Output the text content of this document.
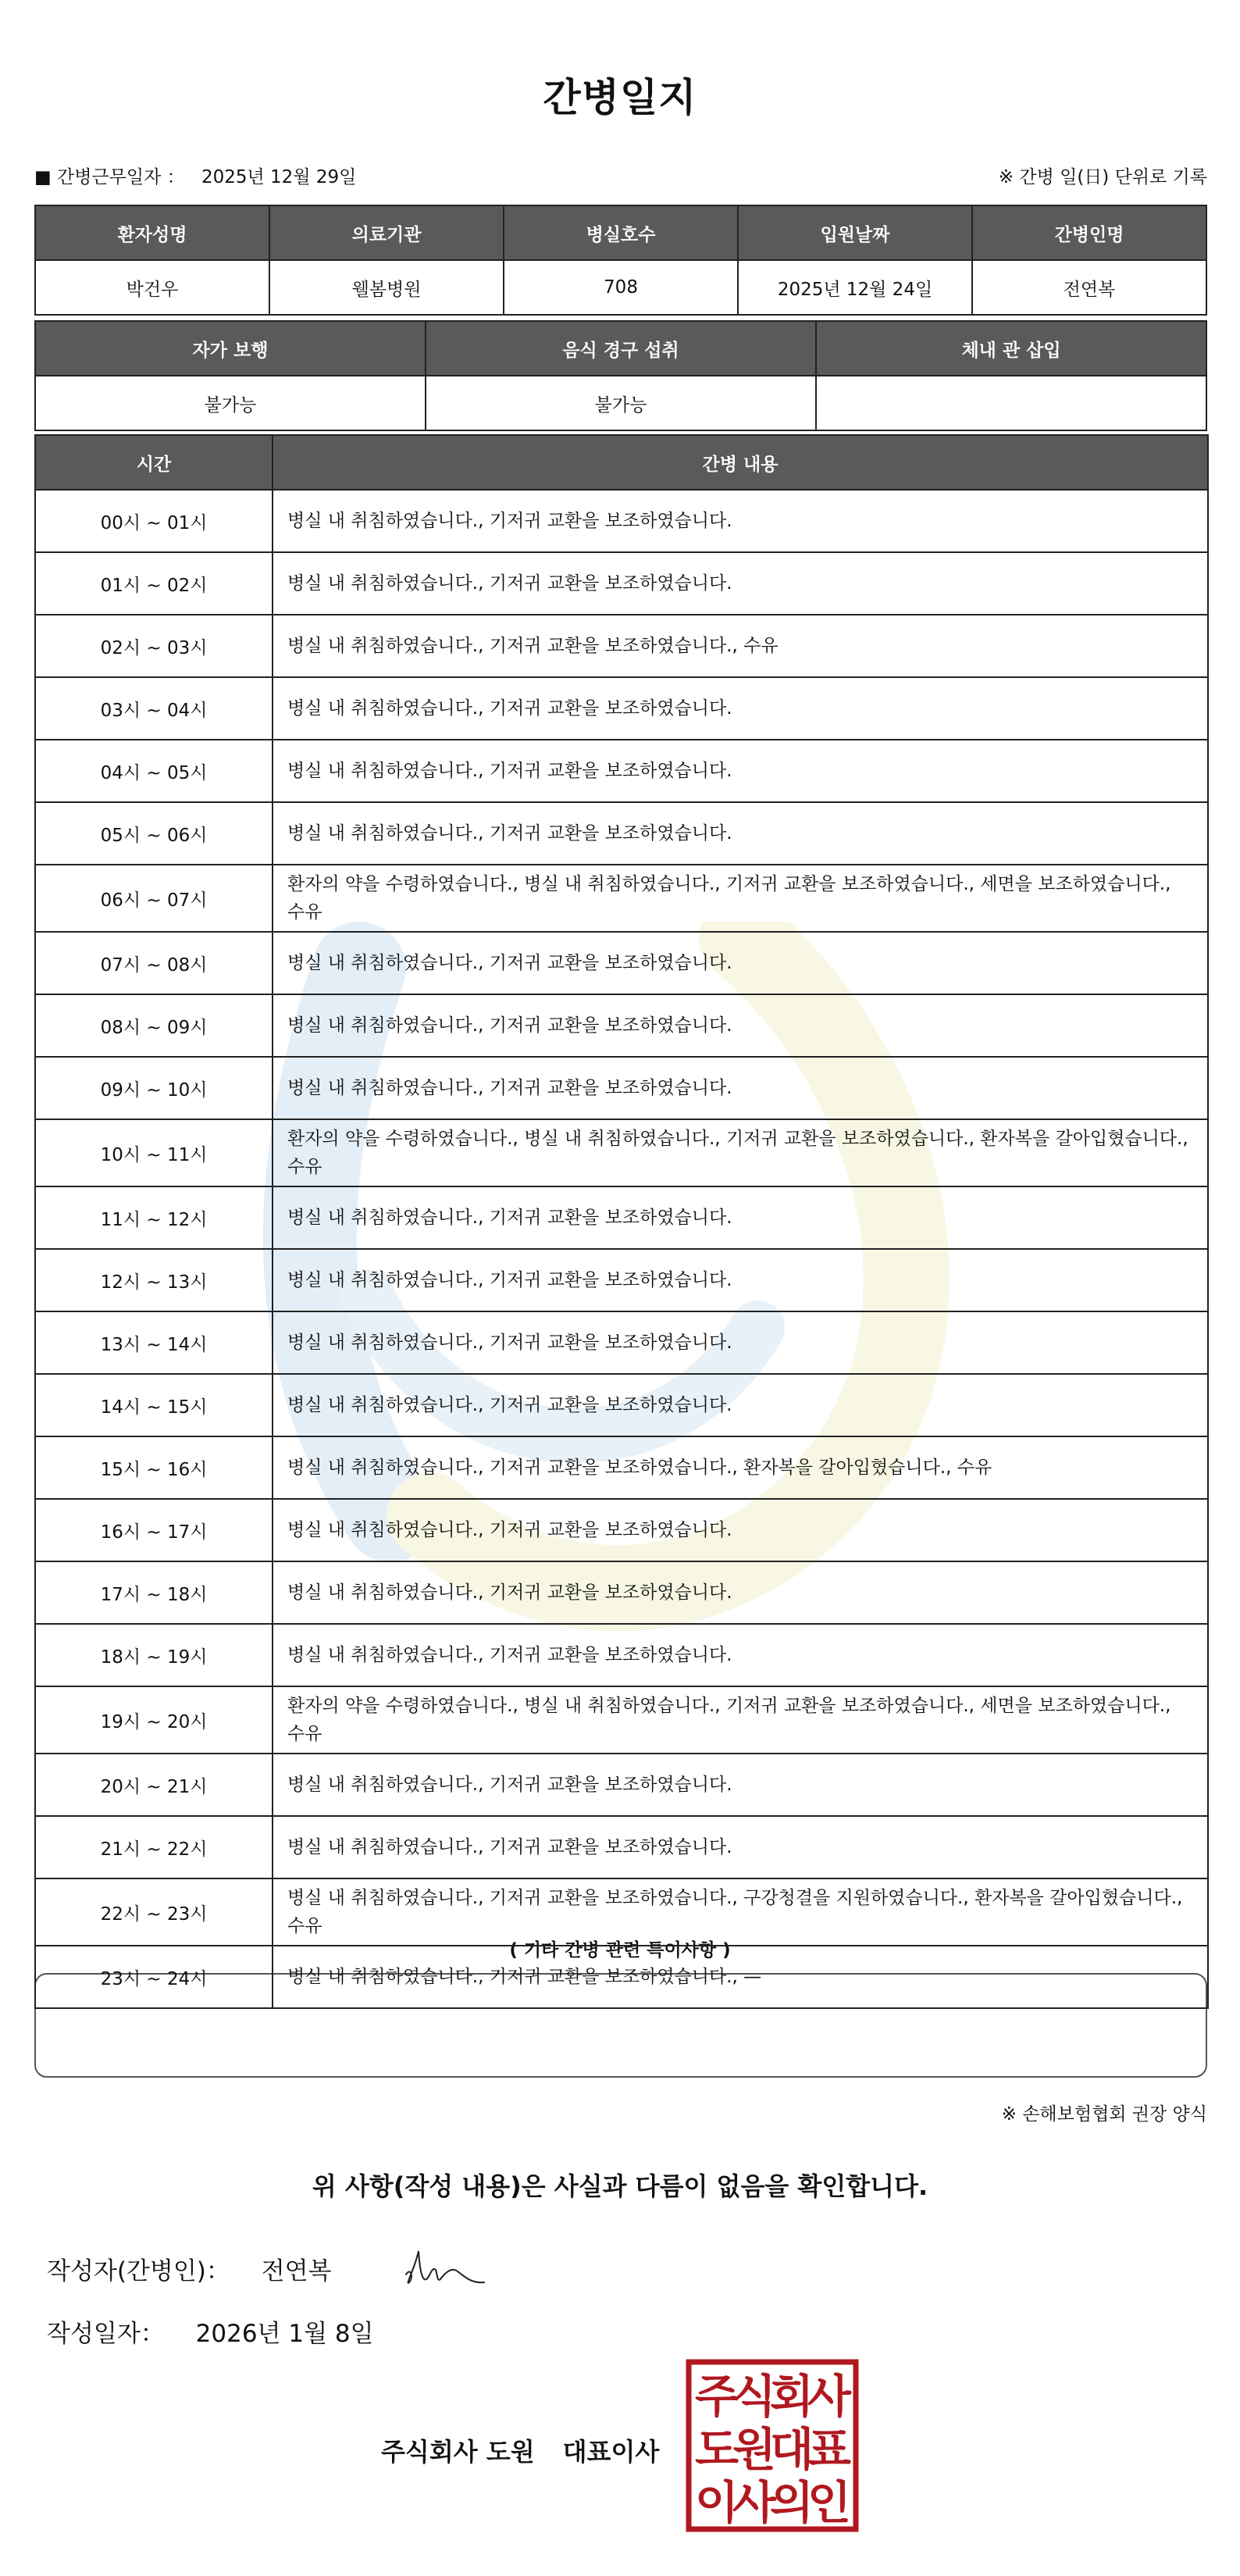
간병일지
■ 간병근무일자 ： 2025년 12월 29일	※ 간병 일(日) 단위로 기록
환자성명	의료기관	병실호수	입원날짜	간병인명
박건우	웰봄병원	708	2025년 12월 24일	전연복
자가 보행	음식 경구 섭취	체내 관 삽입
불가능	불가능	
시간	간병 내용
00시 ~ 01시	병실 내 취침하였습니다., 기저귀 교환을 보조하였습니다.
01시 ~ 02시	병실 내 취침하였습니다., 기저귀 교환을 보조하였습니다.
02시 ~ 03시	병실 내 취침하였습니다., 기저귀 교환을 보조하였습니다., 수유
03시 ~ 04시	병실 내 취침하였습니다., 기저귀 교환을 보조하였습니다.
04시 ~ 05시	병실 내 취침하였습니다., 기저귀 교환을 보조하였습니다.
05시 ~ 06시	병실 내 취침하였습니다., 기저귀 교환을 보조하였습니다.
06시 ~ 07시	환자의 약을 수령하였습니다., 병실 내 취침하였습니다., 기저귀 교환을 보조하였습니다., 세면을 보조하였습니다., 수유
07시 ~ 08시	병실 내 취침하였습니다., 기저귀 교환을 보조하였습니다.
08시 ~ 09시	병실 내 취침하였습니다., 기저귀 교환을 보조하였습니다.
09시 ~ 10시	병실 내 취침하였습니다., 기저귀 교환을 보조하였습니다.
10시 ~ 11시	환자의 약을 수령하였습니다., 병실 내 취침하였습니다., 기저귀 교환을 보조하였습니다., 환자복을 갈아입혔습니다., 수유
11시 ~ 12시	병실 내 취침하였습니다., 기저귀 교환을 보조하였습니다.
12시 ~ 13시	병실 내 취침하였습니다., 기저귀 교환을 보조하였습니다.
13시 ~ 14시	병실 내 취침하였습니다., 기저귀 교환을 보조하였습니다.
14시 ~ 15시	병실 내 취침하였습니다., 기저귀 교환을 보조하였습니다.
15시 ~ 16시	병실 내 취침하였습니다., 기저귀 교환을 보조하였습니다., 환자복을 갈아입혔습니다., 수유
16시 ~ 17시	병실 내 취침하였습니다., 기저귀 교환을 보조하였습니다.
17시 ~ 18시	병실 내 취침하였습니다., 기저귀 교환을 보조하였습니다.
18시 ~ 19시	병실 내 취침하였습니다., 기저귀 교환을 보조하였습니다.
19시 ~ 20시	환자의 약을 수령하였습니다., 병실 내 취침하였습니다., 기저귀 교환을 보조하였습니다., 세면을 보조하였습니다., 수유
20시 ~ 21시	병실 내 취침하였습니다., 기저귀 교환을 보조하였습니다.
21시 ~ 22시	병실 내 취침하였습니다., 기저귀 교환을 보조하였습니다.
22시 ~ 23시	병실 내 취침하였습니다., 기저귀 교환을 보조하였습니다., 구강청결을 지원하였습니다., 환자복을 갈아입혔습니다., 수유
23시 ~ 24시	병실 내 취침하였습니다., 기저귀 교환을 보조하였습니다., —
( 기타 간병 관련 특이사항 )
※ 손해보험협회 권장 양식
위 사항(작성 내용)은 사실과 다름이 없음을 확인합니다.
작성자(간병인)： 전연복
작성일자： 2026년 1월 8일
주식회사 도원 대표이사
주
식
회
사
도
원
대
표
이
사
의
인
